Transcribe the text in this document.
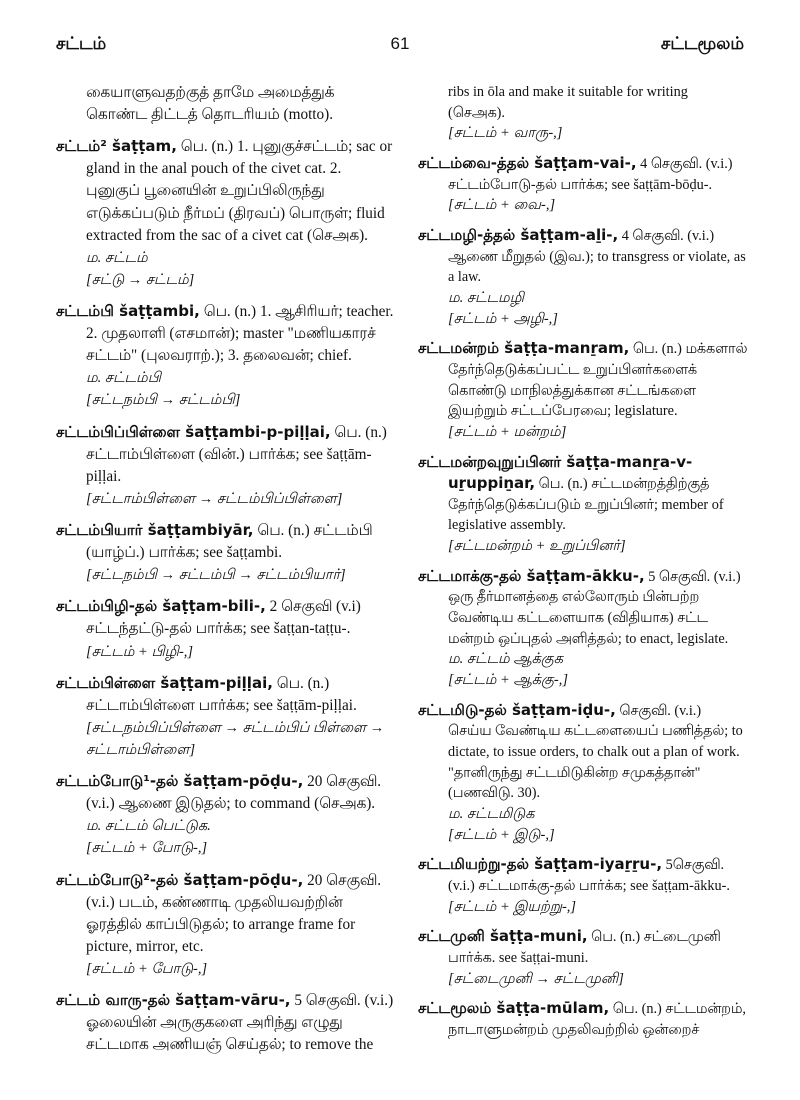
சட்டம்	61	சட்டமூலம்
கையாளுவதற்குத் தாமே அமைத்துக் கொண்ட திட்டத் தொடரியம் (motto).
சட்டம்² šaṭṭam, பெ. (n.) 1. புனுகுச்சட்டம்; sac or gland in the anal pouch of the civet cat. 2. புனுகுப் பூனையின் உறுப்பிலிருந்து எடுக்கப்படும் நீர்மப் (திரவப்) பொருள்; fluid extracted from the sac of a civet cat (செஅக).
ம. சட்டம்
[சட்டு → சட்டம்]
சட்டம்பி šaṭṭambi, பெ. (n.) 1. ஆசிரியர்; teacher. 2. முதலாளி (எசமான்); master "மணியகாரச் சட்டம்" (புலவராற்.); 3. தலைவன்; chief.
ம. சட்டம்பி
[சட்டநம்பி → சட்டம்பி]
சட்டம்பிப்பிள்ளை šaṭṭambi-p-piḷḷai, பெ. (n.) சட்டாம்பிள்ளை (வின்.) பார்க்க; see šaṭṭām-piḷḷai.
[சட்டாம்பிள்ளை → சட்டம்பிப்பிள்ளை]
சட்டம்பியார் šaṭṭambiyār, பெ. (n.) சட்டம்பி (யாழ்ப்.) பார்க்க; see šaṭṭambi.
[சட்டநம்பி → சட்டம்பி → சட்டம்பியார்]
சட்டம்பிழி-தல் šaṭṭam-bili-, 2 செகுவி (v.i) சட்டந்தட்டு-தல் பார்க்க; see šaṭṭan-taṭṭu-.
[சட்டம் + பிழி-,]
சட்டம்பிள்ளை šaṭṭam-piḷḷai, பெ. (n.) சட்டாம்பிள்ளை பார்க்க; see šaṭṭām-piḷḷai.
[சட்டநம்பிப்பிள்ளை → சட்டம்பிப் பிள்ளை → சட்டாம்பிள்ளை]
சட்டம்போடு¹-தல் šaṭṭam-pōḍu-, 20 செகுவி. (v.i.) ஆணை இடுதல்; to command (செஅக).
ம. சட்டம் பெட்டுக.
[சட்டம் + போடு-,]
சட்டம்போடு²-தல் šaṭṭam-pōḍu-, 20 செகுவி. (v.i.) படம், கண்ணாடி முதலியவற்றின் ஓரத்தில் காப்பிடுதல்; to arrange frame for picture, mirror, etc.
[சட்டம் + போடு-,]
சட்டம் வாரு-தல் šaṭṭam-vāru-, 5 செகுவி. (v.i.) ஓலையின் அருகுகளை அரிந்து எழுது சட்டமாக அணியஞ் செய்தல்; to remove the
ribs in ōla and make it suitable for writing (செஅக).
[சட்டம் + வாரு-,]
சட்டம்வை-த்தல் šaṭṭam-vai-, 4 செகுவி. (v.i.) சட்டம்போடு-தல் பார்க்க; see šaṭṭām-bōḍu-.
[சட்டம் + வை-,]
சட்டமழி-த்தல் šaṭṭam-aḻi-, 4 செகுவி. (v.i.) ஆணை மீறுதல் (இவ.); to transgress or violate, as a law.
ம. சட்டமழி
[சட்டம் + அழி-,]
சட்டமன்றம் šaṭṭa-manṟam, பெ. (n.) மக்களால் தேர்ந்தெடுக்கப்பட்ட உறுப்பினர்களைக் கொண்டு மாநிலத்துக்கான சட்டங்களை இயற்றும் சட்டப்பேரவை; legislature.
[சட்டம் + மன்றம்]
சட்டமன்றவுறுப்பினர் šaṭṭa-manṟa-v-uṟuppiṉar, பெ. (n.) சட்டமன்றத்திற்குத் தேர்ந்தெடுக்கப்படும் உறுப்பினர்; member of legislative assembly.
[சட்டமன்றம் + உறுப்பினர்]
சட்டமாக்கு-தல் šaṭṭam-ākku-, 5 செகுவி. (v.i.) ஒரு தீர்மானத்தை எல்லோரும் பின்பற்ற வேண்டிய கட்டளையாக (விதியாக) சட்ட மன்றம் ஒப்புதல் அளித்தல்; to enact, legislate.
ம. சட்டம் ஆக்குக
[சட்டம் + ஆக்கு-,]
சட்டமிடு-தல் šaṭṭam-iḍu-, செகுவி. (v.i.) செய்ய வேண்டிய கட்டளையைப் பணித்தல்; to dictate, to issue orders, to chalk out a plan of work. "தானிருந்து சட்டமிடுகின்ற சமுகத்தான்" (பணவிடு. 30).
ம. சட்டமிடுக
[சட்டம் + இடு-,]
சட்டமியற்று-தல் šaṭṭam-iyaṟṟu-, 5செகுவி. (v.i.) சட்டமாக்கு-தல் பார்க்க; see šaṭṭam-ākku-.
[சட்டம் + இயற்று-,]
சட்டமுனி šaṭṭa-muni, பெ. (n.) சட்டைமுனி பார்க்க. see šaṭṭai-muni.
[சட்டைமுனி → சட்டமுனி]
சட்டமூலம் šaṭṭa-mūlam, பெ. (n.) சட்டமன்றம், நாடாளுமன்றம் முதலிவற்றில் ஒன்றைச்
